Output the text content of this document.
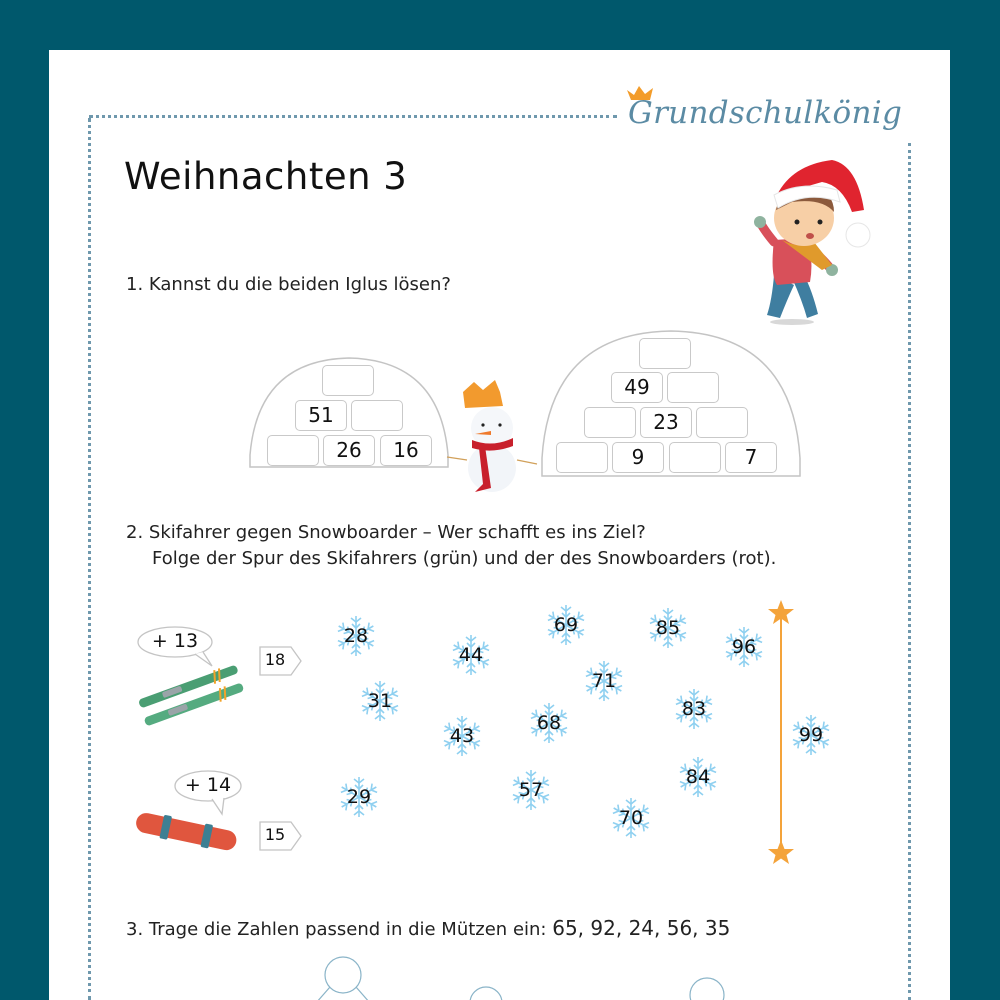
Grundschulkönig
Weihnachten 3
1. Kannst du die beiden Iglus lösen?
51
26	16
49
23
9	7
2. Skifahrer gegen Snowboarder – Wer schafft es ins Ziel?
Folge der Spur des Skifahrers (grün) und der des Snowboarders (rot).
+ 13
18
+ 14
15
28
31
29
44
43
69
68
57
71
70
85
83
84
96
99
3. Trage die Zahlen passend in die Mützen ein: 65, 92, 24, 56, 35
